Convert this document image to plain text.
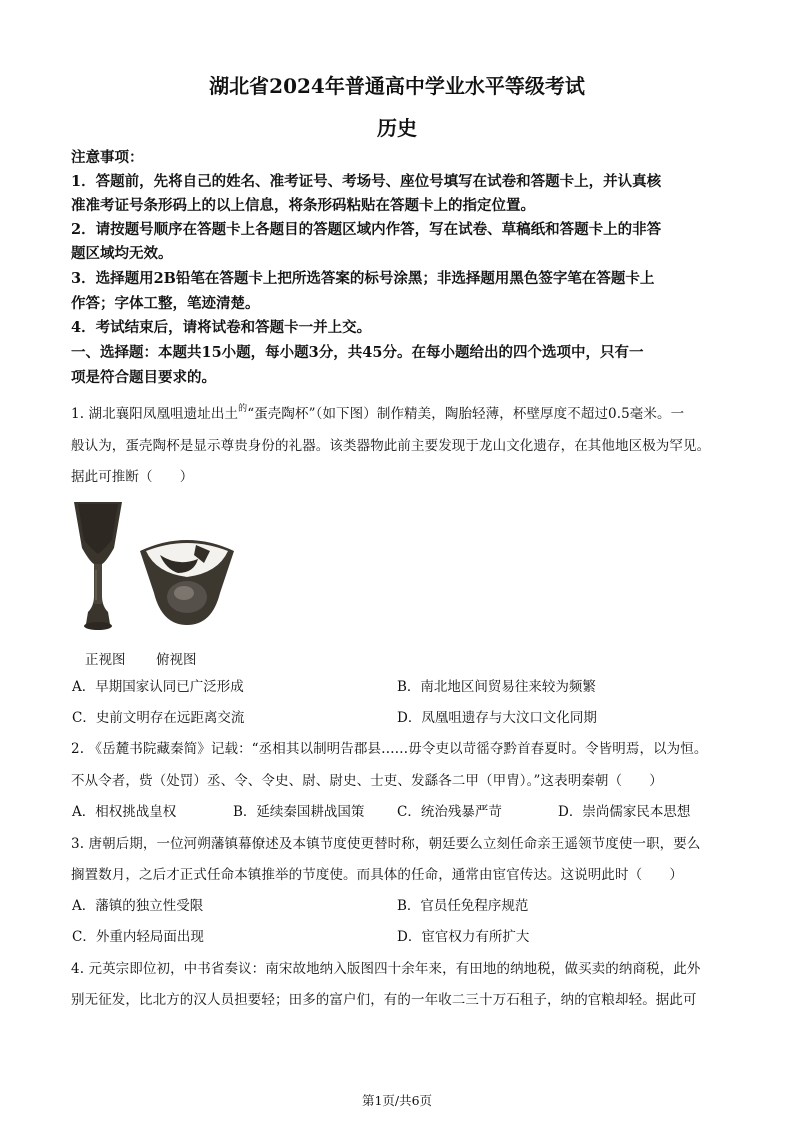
湖北省2024年普通高中学业水平等级考试
历史
注意事项：
1．答题前，先将自己的姓名、准考证号、考场号、座位号填写在试卷和答题卡上，并认真核
准准考证号条形码上的以上信息，将条形码粘贴在答题卡上的指定位置。
2．请按题号顺序在答题卡上各题目的答题区域内作答，写在试卷、草稿纸和答题卡上的非答
题区域均无效。
3．选择题用2B铅笔在答题卡上把所选答案的标号涂黑；非选择题用黑色签字笔在答题卡上
作答；字体工整，笔迹清楚。
4．考试结束后，请将试卷和答题卡一并上交。
一、选择题：本题共15小题，每小题3分，共45分。在每小题给出的四个选项中，只有一
项是符合题目要求的。
1. 湖北襄阳凤凰咀遗址出土$^的$“蛋壳陶杯”（如下图）制作精美，陶胎轻薄，杯壁厚度不超过0.5毫米。一
般认为，蛋壳陶杯是显示尊贵身份的礼器。该类器物此前主要发现于龙山文化遗存，在其他地区极为罕见。
据此可推断（　　）
正视图 俯视图
A．早期国家认同已广泛形成	B．南北地区间贸易往来较为频繁
C．史前文明存在远距离交流	D．凤凰咀遗存与大汶口文化同期
2. 《岳麓书院藏秦简》记载：“丞相其以制明告郡县……毋令吏以苛徭夺黔首春夏时。令皆明焉，以为恒。
不从令者，赀（处罚）丞、令、令史、尉、尉史、士吏、发繇各二甲（甲胄）。”这表明秦朝（　　）
A．相权挑战皇权	B．延续秦国耕战国策 C．统治残暴严苛	D．崇尚儒家民本思想
3. 唐朝后期，一位河朔藩镇幕僚述及本镇节度使更替时称，朝廷要么立刻任命亲王遥领节度使一职，要么
搁置数月，之后才正式任命本镇推举的节度使。而具体的任命，通常由宦官传达。这说明此时（　　）
A．藩镇的独立性受限	B．官员任免程序规范
C．外重内轻局面出现	D．宦官权力有所扩大
4. 元英宗即位初，中书省奏议：南宋故地纳入版图四十余年来，有田地的纳地税，做买卖的纳商税，此外
别无征发，比北方的汉人员担要轻；田多的富户们，有的一年收二三十万石租子，纳的官粮却轻。据此可
第1页/共6页
